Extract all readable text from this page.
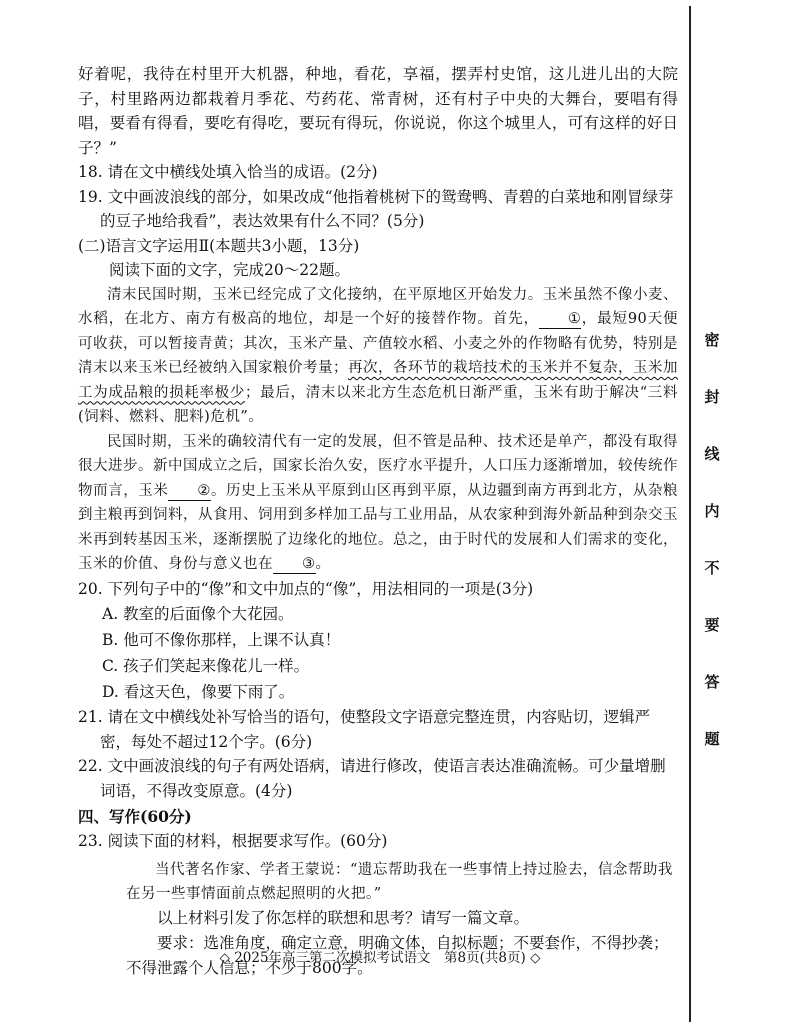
好着呢，我待在村里开大机器，种地，看花，享福，摆弄村史馆，这儿进儿出的大院子，村里路两边都栽着月季花、芍药花、常青树，还有村子中央的大舞台，要唱有得唱，要看有得看，要吃有得吃，要玩有得玩，你说说，你这个城里人，可有这样的好日子？”

18. 请在文中横线处填入恰当的成语。(2分)

19. 文中画波浪线的部分，如果改成“他指着桃树下的鸳鸯鸭、青碧的白菜地和刚冒绿芽的豆子地给我看”，表达效果有什么不同？(5分)

(二)语言文字运用Ⅱ(本题共3小题，13分)

阅读下面的文字，完成20～22题。

清末民国时期，玉米已经完成了文化接纳，在平原地区开始发力。玉米虽然不像小麦、水稻，在北方、南方有极高的地位，却是一个好的接替作物。首先， ①，最短90天便可收获，可以暂接青黄；其次，玉米产量、产值较水稻、小麦之外的作物略有优势，特别是清末以来玉米已经被纳入国家粮价考量；再次，各环节的栽培技术的玉米并不复杂，玉米加工为成品粮的损耗率极少；最后，清末以来北方生态危机日渐严重，玉米有助于解决“三料(饲料、燃料、肥料)危机”。

民国时期，玉米的确较清代有一定的发展，但不管是品种、技术还是单产，都没有取得很大进步。新中国成立之后，国家长治久安，医疗水平提升，人口压力逐渐增加，较传统作物而言，玉米 ②。历史上玉米从平原到山区再到平原，从边疆到南方再到北方，从杂粮到主粮再到饲料，从食用、饲用到多样加工品与工业用品，从农家种到海外新品种到杂交玉米再到转基因玉米，逐渐摆脱了边缘化的地位。总之，由于时代的发展和人们需求的变化，玉米的价值、身份与意义也在 ③。

20. 下列句子中的“像”和文中加点的“像”，用法相同的一项是(3分)

A. 教室的后面像个大花园。

B. 他可不像你那样，上课不认真！

C. 孩子们笑起来像花儿一样。

D. 看这天色，像要下雨了。

21. 请在文中横线处补写恰当的语句，使整段文字语意完整连贯，内容贴切，逻辑严密，每处不超过12个字。(6分)

22. 文中画波浪线的句子有两处语病，请进行修改，使语言表达准确流畅。可少量增删词语，不得改变原意。(4分)

四、写作(60分)

23. 阅读下面的材料，根据要求写作。(60分)

当代著名作家、学者王蒙说：“遗忘帮助我在一些事情上持过脸去，信念帮助我在另一些事情面前点燃起照明的火把。”

以上材料引发了你怎样的联想和思考？请写一篇文章。

要求：选准角度，确定立意，明确文体，自拟标题；不要套作，不得抄袭；不得泄露个人信息；不少于800字。

◇ 2025年高三第二次模拟考试语文　第8页(共8页) ◇
密
封
线
内
不
要
答
题
